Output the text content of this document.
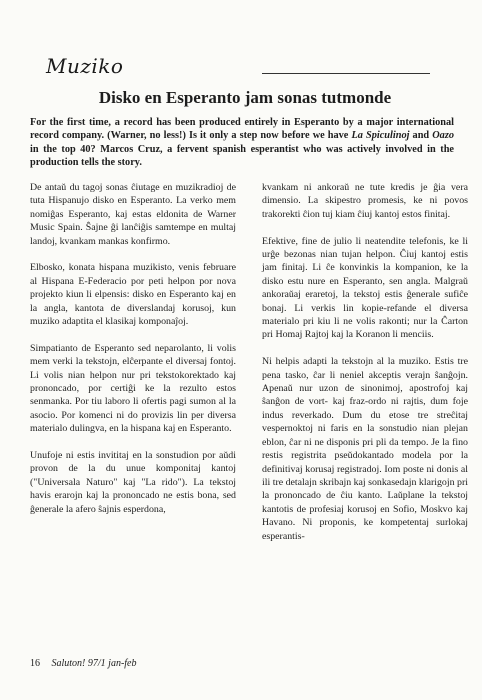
Muziko
Disko en Esperanto jam sonas tutmonde

For the first time, a record has been produced entirely in Esperanto by a major international record company. (Warner, no less!) Is it only a step now before we have La Spiculinoj and Oazo in the top 40? Marcos Cruz, a fervent spanish esperantist who was actively involved in the production tells the story.

De antaŭ du tagoj sonas ĉiutage en muzikradioj de tuta Hispanujo disko en Esperanto. La verko mem nomiĝas Esperanto, kaj estas eldonita de Warner Music Spain. Ŝajne ĝi lanĉiĝis samtempe en multaj landoj, kvankam mankas konfirmo.

Elbosko, konata hispana muzikisto, venis februare al Hispana E-Federacio por peti helpon por nova projekto kiun li elpensis: disko en Esperanto kaj en la angla, kantota de diverslandaj korusoj, kun muziko adaptita el klasikaj komponaĵoj.

Simpatianto de Esperanto sed neparolanto, li volis mem verki la tekstojn, elĉerpante el diversaj fontoj. Li volis nian helpon nur pri tekstokorektado kaj prononcado, por certiĝi ke la rezulto estos senmanka. Por tiu laboro li ofertis pagi sumon al la asocio. Por komenci ni do provizis lin per diversa materialo dulingva, en la hispana kaj en Esperanto.

Unufoje ni estis invititaj en la sonstudion por aŭdi provon de la du unue komponitaj kantoj ("Universala Naturo" kaj "La rido"). La tekstoj havis erarojn kaj la prononcado ne estis bona, sed ĝenerale la afero ŝajnis esperdona,

kvankam ni ankoraŭ ne tute kredis je ĝia vera dimensio. La skipestro promesis, ke ni povos trakorekti ĉion tuj kiam ĉiuj kantoj estos finitaj.

Efektive, fine de julio li neatendite telefonis, ke li urĝe bezonas nian tujan helpon. Ĉiuj kantoj estis jam finitaj. Li ĉe konvinkis la kompanion, ke la disko estu nure en Esperanto, sen angla. Malgraŭ ankoraŭaj eraretoj, la tekstoj estis ĝenerale sufiĉe bonaj. Li verkis lin kopie-refande el diversa materialo pri kiu li ne volis rakonti; nur la Ĉarton pri Homaj Rajtoj kaj la Koranon li menciis.

Ni helpis adapti la tekstojn al la muziko. Estis tre pena tasko, ĉar li neniel akceptis verajn ŝanĝojn. Apenaŭ nur uzon de sinonimoj, apostrofoj kaj ŝanĝon de vort- kaj fraz-ordo ni rajtis, dum foje indus reverkado. Dum du etose tre streĉitaj vespernoktoj ni faris en la sonstudio nian plejan eblon, ĉar ni ne disponis pri pli da tempo. Je la fino restis registrita pseŭdokantado modela por la definitivaj korusaj registradoj. Iom poste ni donis al ili tre detalajn skribajn kaj sonkasedajn klarigojn pri la prononcado de ĉiu kanto. Laŭplane la tekstoj kantotis de profesiaj korusoj en Sofio, Moskvo kaj Havano. Ni proponis, ke kompetentaj surlokaj esperantis-

16 Saluton! 97/1 jan-feb
